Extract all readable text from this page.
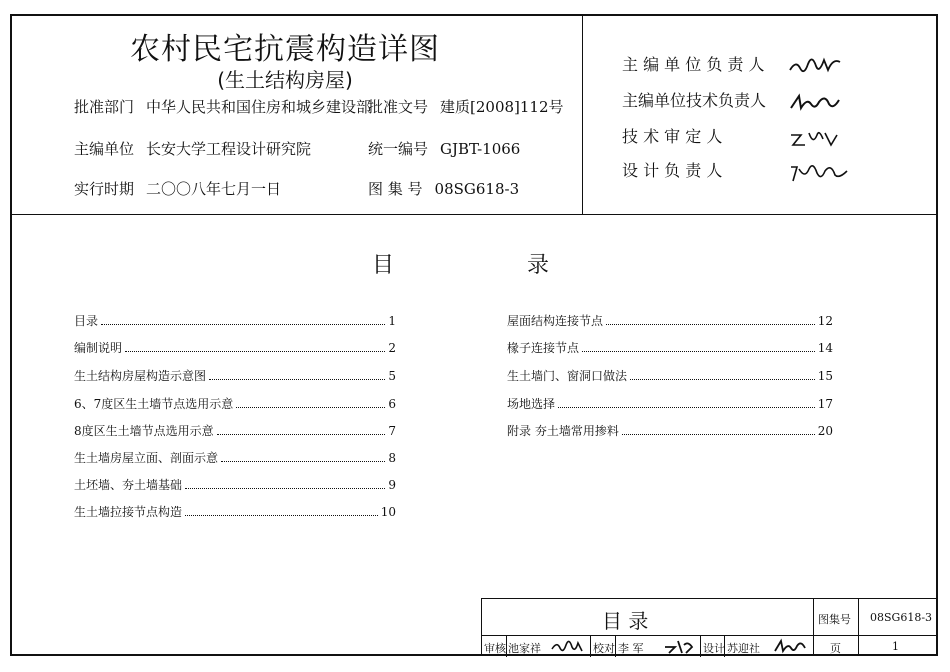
农村民宅抗震构造详图
(生土结构房屋)
批准部门 中华人民共和国住房和城乡建设部
批准文号 建质[2008]112号
主编单位 长安大学工程设计研究院	统一编号 GJBT-1066
实行时期 二〇〇八年七月一日	图 集 号 08SG618-3
主 编 单 位 负 责 人
主编单位技术负责人
技 术 审 定 人
设 计 负 责 人
目	录
目录	1
编制说明	2
生土结构房屋构造示意图	5
6、7度区生土墙节点选用示意	6
8度区生土墙节点选用示意	7
生土墙房屋立面、剖面示意	8
土坯墙、夯土墙基础	9
生土墙拉接节点构造	10
屋面结构连接节点	12
椽子连接节点	14
生土墙门、窗洞口做法	15
场地选择	17
附录 夯土墙常用掺料	20
目 录	图集号 08SG618-3
审核 池家祥	校对 李 军	设计 苏迎社	页	1
